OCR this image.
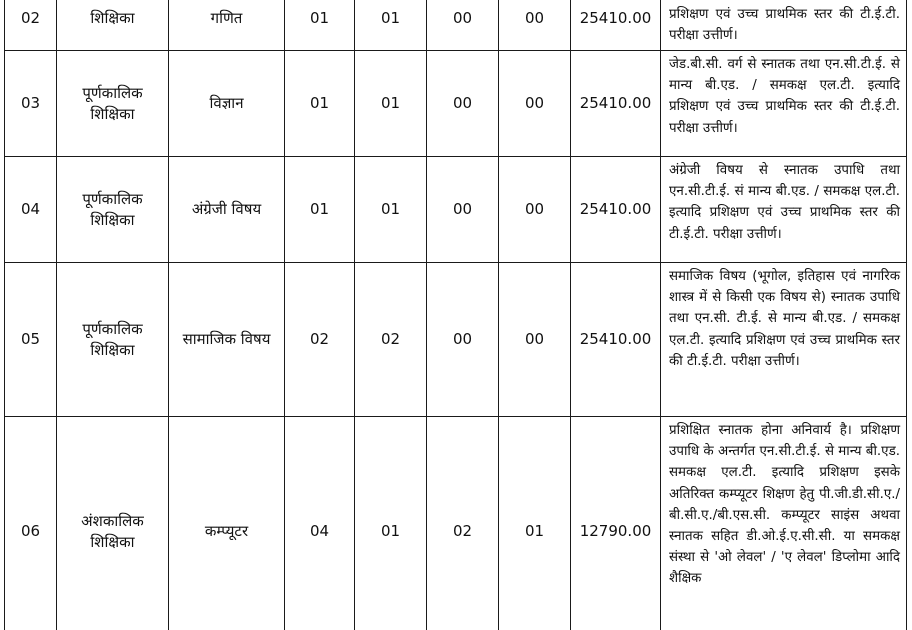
02	शिक्षिका	गणित	01	01	00	00	25410.00	प्रशिक्षण एवं उच्च प्राथमिक स्तर की टी.ई.टी. परीक्षा उत्तीर्ण।
03	पूर्णकालिक शिक्षिका	विज्ञान	01	01	00	00	25410.00	जेड.बी.सी. वर्ग से स्नातक तथा एन.सी.टी.ई. से मान्य बी.एड. / समकक्ष एल.टी. इत्यादि प्रशिक्षण एवं उच्च प्राथमिक स्तर की टी.ई.टी. परीक्षा उत्तीर्ण।
04	पूर्णकालिक शिक्षिका	अंग्रेजी विषय	01	01	00	00	25410.00	अंग्रेजी विषय से स्नातक उपाधि तथा एन.सी.टी.ई. सं मान्य बी.एड. / समकक्ष एल.टी. इत्यादि प्रशिक्षण एवं उच्च प्राथमिक स्तर की टी.ई.टी. परीक्षा उत्तीर्ण।
05	पूर्णकालिक शिक्षिका	सामाजिक विषय	02	02	00	00	25410.00	समाजिक विषय (भूगोल, इतिहास एवं नागरिक शास्त्र में से किसी एक विषय से) स्नातक उपाधि तथा एन.सी. टी.ई. से मान्य बी.एड. / समकक्ष एल.टी. इत्यादि प्रशिक्षण एवं उच्च प्राथमिक स्तर की टी.ई.टी. परीक्षा उत्तीर्ण।
06	अंशकालिक शिक्षिका	कम्प्यूटर	04	01	02	01	12790.00	प्रशिक्षित स्नातक होना अनिवार्य है। प्रशिक्षण उपाधि के अन्तर्गत एन.सी.टी.ई. से मान्य बी.एड. समकक्ष एल.टी. इत्यादि प्रशिक्षण इसके अतिरिक्त कम्प्यूटर शिक्षण हेतु पी.जी.डी.सी.ए./बी.सी.ए./बी.एस.सी. कम्प्यूटर साइंस अथवा स्नातक सहित डी.ओ.ई.ए.सी.सी. या समकक्ष संस्था से 'ओ लेवल' / 'ए लेवल' डिप्लोमा आदि शैक्षिक
